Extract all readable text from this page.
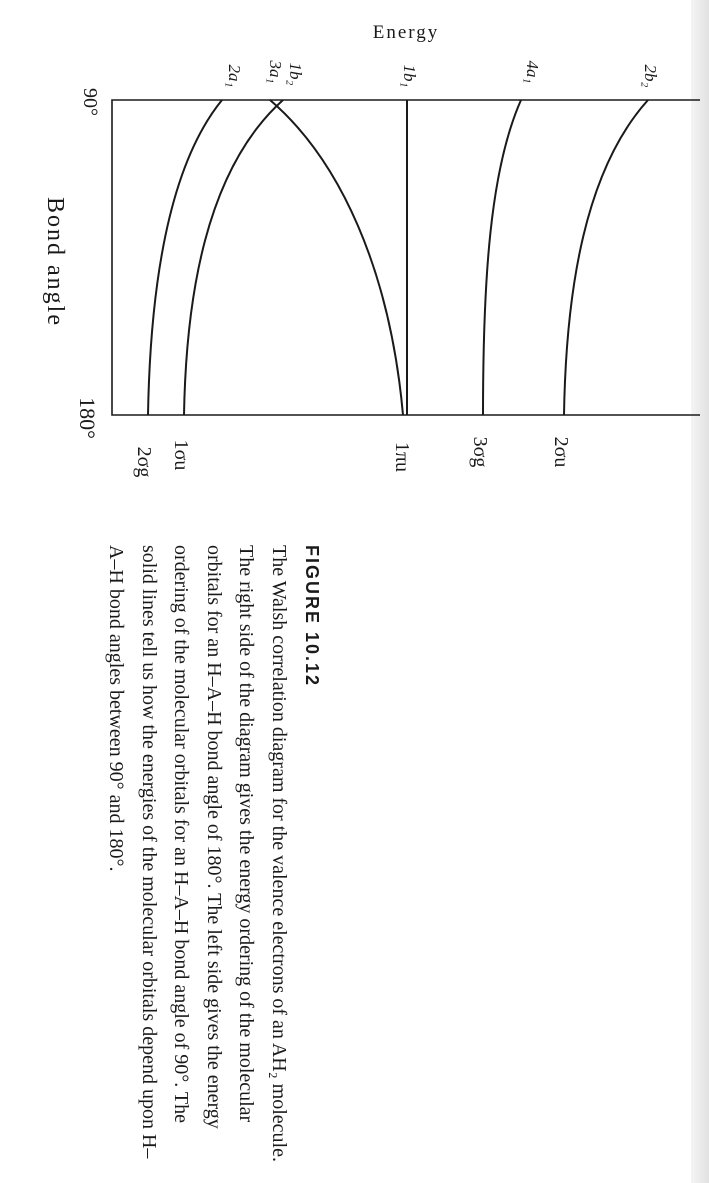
Energy
Bond angle
90°
180°
2a₁ 3a₁ 1b₂	1b₁	4a₁	2b₂
2σg 1σu	1πu	3σg	2σu
FIGURE 10.12
The Walsh correlation diagram for the valence electrons of an AH₂ molecule. The right side of the diagram gives the energy ordering of the molecular orbitals for an H–A–H bond angle of 180°. The left side gives the energy ordering of the molecular orbitals for an H–A–H bond angle of 90°. The solid lines tell us how the energies of the molecular orbitals depend upon H–A–H bond angles between 90° and 180°.
